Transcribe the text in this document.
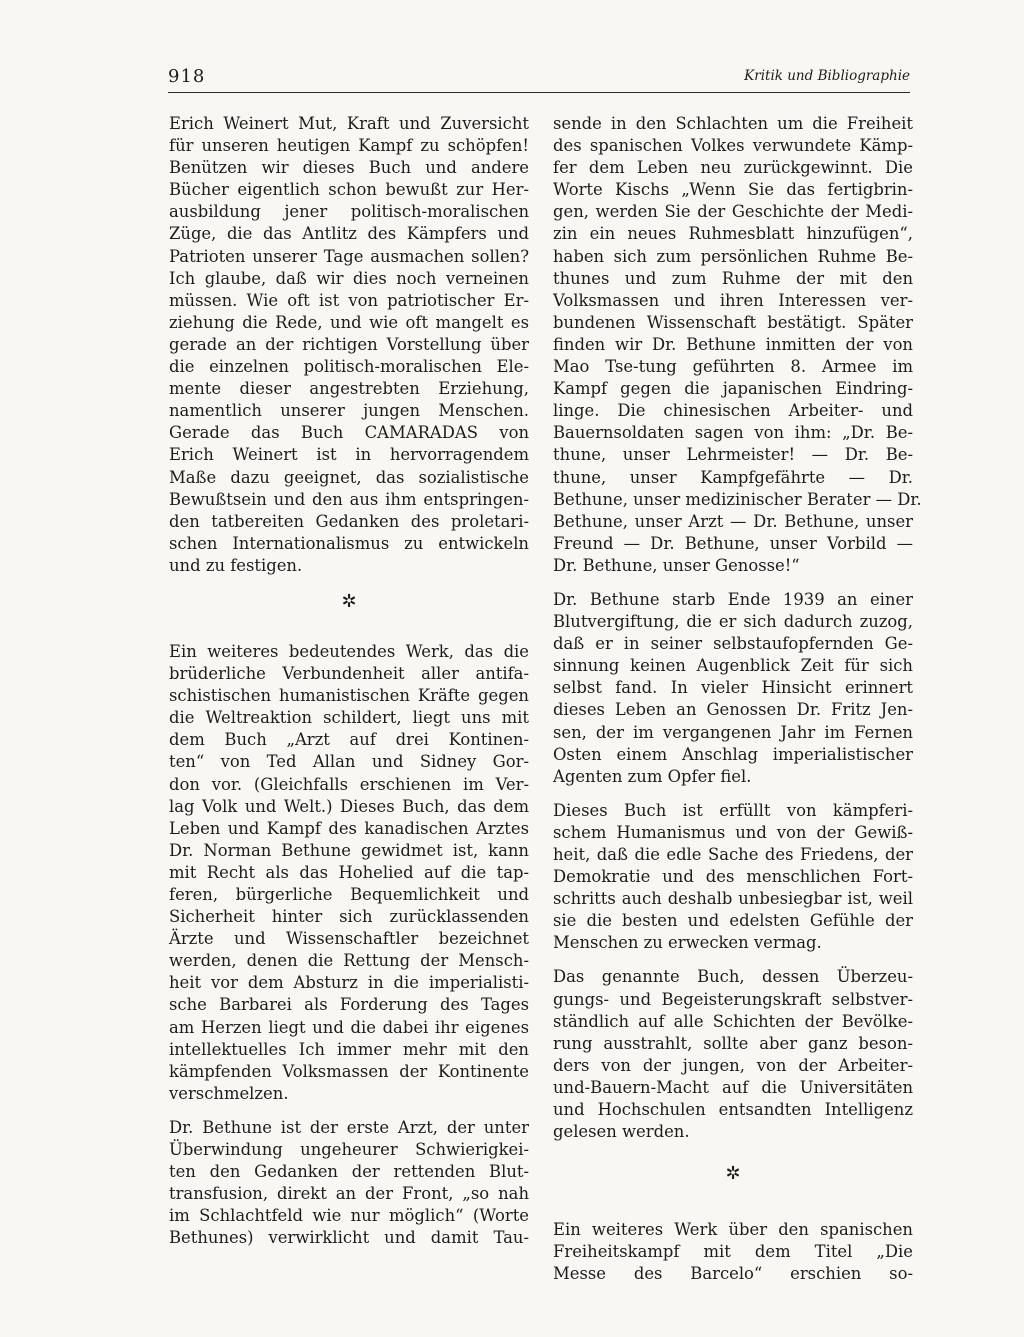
918	Kritik und Bibliographie
Erich Weinert Mut, Kraft und Zuversicht
für unseren heutigen Kampf zu schöpfen!
Benützen wir dieses Buch und andere
Bücher eigentlich schon bewußt zur Her-
ausbildung jener politisch-moralischen
Züge, die das Antlitz des Kämpfers und
Patrioten unserer Tage ausmachen sollen?
Ich glaube, daß wir dies noch verneinen
müssen. Wie oft ist von patriotischer Er-
ziehung die Rede, und wie oft mangelt es
gerade an der richtigen Vorstellung über
die einzelnen politisch-moralischen Ele-
mente dieser angestrebten Erziehung,
namentlich unserer jungen Menschen.
Gerade das Buch CAMARADAS von
Erich Weinert ist in hervorragendem
Maße dazu geeignet, das sozialistische
Bewußtsein und den aus ihm entspringen-
den tatbereiten Gedanken des proletari-
schen Internationalismus zu entwickeln
und zu festigen.
✲
Ein weiteres bedeutendes Werk, das die
brüderliche Verbundenheit aller antifa-
schistischen humanistischen Kräfte gegen
die Weltreaktion schildert, liegt uns mit
dem Buch „Arzt auf drei Kontinen-
ten“ von Ted Allan und Sidney Gor-
don vor. (Gleichfalls erschienen im Ver-
lag Volk und Welt.) Dieses Buch, das dem
Leben und Kampf des kanadischen Arztes
Dr. Norman Bethune gewidmet ist, kann
mit Recht als das Hohelied auf die tap-
feren, bürgerliche Bequemlichkeit und
Sicherheit hinter sich zurücklassenden
Ärzte und Wissenschaftler bezeichnet
werden, denen die Rettung der Mensch-
heit vor dem Absturz in die imperialisti-
sche Barbarei als Forderung des Tages
am Herzen liegt und die dabei ihr eigenes
intellektuelles Ich immer mehr mit den
kämpfenden Volksmassen der Kontinente
verschmelzen.
Dr. Bethune ist der erste Arzt, der unter
Überwindung ungeheurer Schwierigkei-
ten den Gedanken der rettenden Blut-
transfusion, direkt an der Front, „so nah
im Schlachtfeld wie nur möglich“ (Worte
Bethunes) verwirklicht und damit Tau-
sende in den Schlachten um die Freiheit
des spanischen Volkes verwundete Kämp-
fer dem Leben neu zurückgewinnt. Die
Worte Kischs „Wenn Sie das fertigbrin-
gen, werden Sie der Geschichte der Medi-
zin ein neues Ruhmesblatt hinzufügen“,
haben sich zum persönlichen Ruhme Be-
thunes und zum Ruhme der mit den
Volksmassen und ihren Interessen ver-
bundenen Wissenschaft bestätigt. Später
finden wir Dr. Bethune inmitten der von
Mao Tse-tung geführten 8. Armee im
Kampf gegen die japanischen Eindring-
linge. Die chinesischen Arbeiter- und
Bauernsoldaten sagen von ihm: „Dr. Be-
thune, unser Lehrmeister! — Dr. Be-
thune, unser Kampfgefährte — Dr.
Bethune, unser medizinischer Berater — Dr.
Bethune, unser Arzt — Dr. Bethune, unser
Freund — Dr. Bethune, unser Vorbild —
Dr. Bethune, unser Genosse!“
Dr. Bethune starb Ende 1939 an einer
Blutvergiftung, die er sich dadurch zuzog,
daß er in seiner selbstaufopfernden Ge-
sinnung keinen Augenblick Zeit für sich
selbst fand. In vieler Hinsicht erinnert
dieses Leben an Genossen Dr. Fritz Jen-
sen, der im vergangenen Jahr im Fernen
Osten einem Anschlag imperialistischer
Agenten zum Opfer fiel.
Dieses Buch ist erfüllt von kämpferi-
schem Humanismus und von der Gewiß-
heit, daß die edle Sache des Friedens, der
Demokratie und des menschlichen Fort-
schritts auch deshalb unbesiegbar ist, weil
sie die besten und edelsten Gefühle der
Menschen zu erwecken vermag.
Das genannte Buch, dessen Überzeu-
gungs- und Begeisterungskraft selbstver-
ständlich auf alle Schichten der Bevölke-
rung ausstrahlt, sollte aber ganz beson-
ders von der jungen, von der Arbeiter-
und-Bauern-Macht auf die Universitäten
und Hochschulen entsandten Intelligenz
gelesen werden.
✲
Ein weiteres Werk über den spanischen
Freiheitskampf mit dem Titel „Die
Messe des Barcelo“ erschien so-
